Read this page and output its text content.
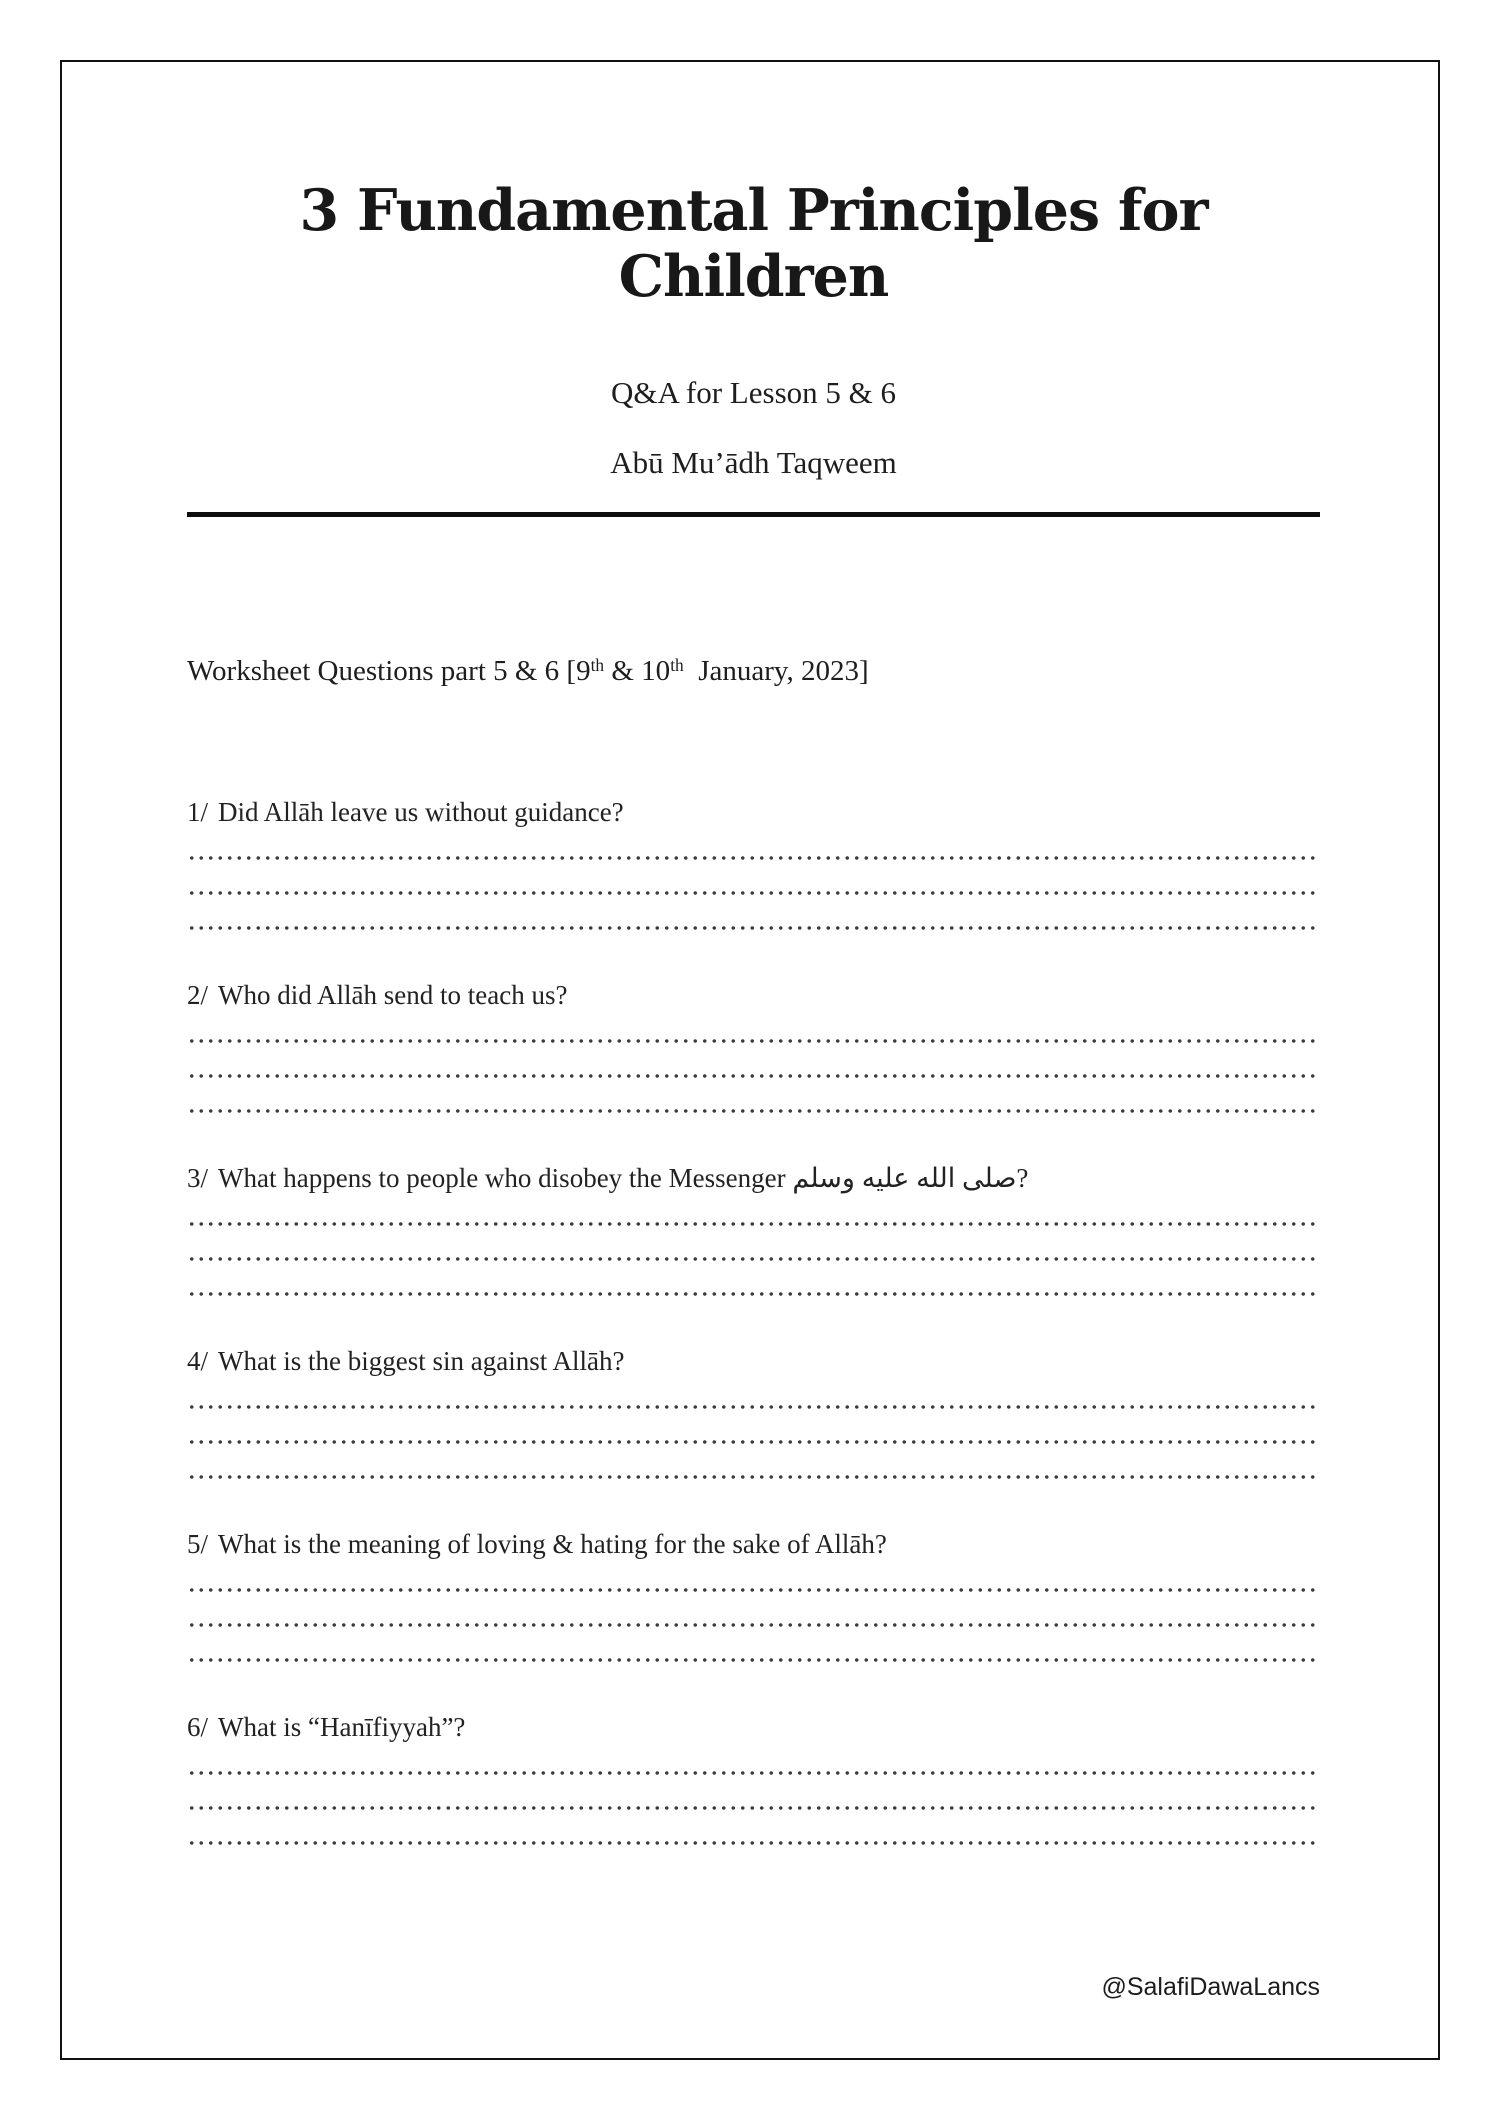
3 Fundamental Principles for Children
Q&A for Lesson 5 & 6
Abū Mu’ādh Taqweem
Worksheet Questions part 5 & 6 [9th & 10th  January, 2023]
1/ Did Allāh leave us without guidance?
2/ Who did Allāh send to teach us?
3/ What happens to people who disobey the Messenger صلى الله عليه وسلم?
4/ What is the biggest sin against Allāh?
5/ What is the meaning of loving & hating for the sake of Allāh?
6/ What is “Hanīfiyyah”?
@SalafiDawaLancs
